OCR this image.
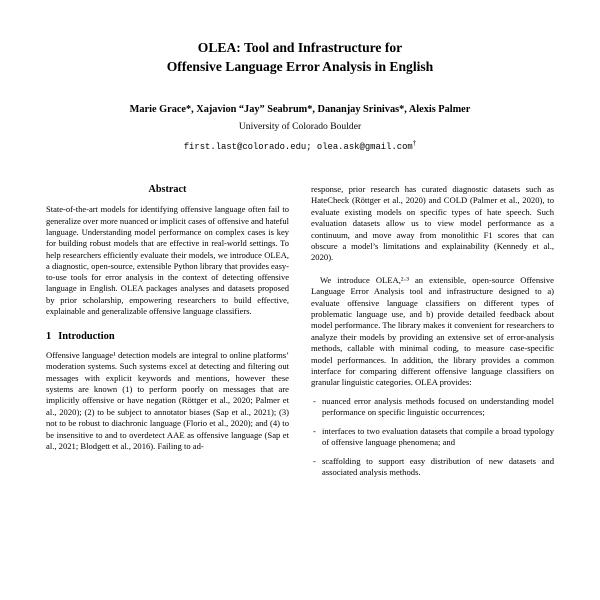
OLEA: Tool and Infrastructure for
Offensive Language Error Analysis in English
Marie Grace*, Xajavion “Jay” Seabrum*, Dananjay Srinivas*, Alexis Palmer
University of Colorado Boulder
first.last@colorado.edu; olea.ask@gmail.com†
Abstract

State-of-the-art models for identifying offensive language often fail to generalize over more nuanced or implicit cases of offensive and hateful language. Understanding model performance on complex cases is key for building robust models that are effective in real-world settings. To help researchers efficiently evaluate their models, we introduce OLEA, a diagnostic, open-source, extensible Python library that provides easy-to-use tools for error analysis in the context of detecting offensive language in English. OLEA packages analyses and datasets proposed by prior scholarship, empowering researchers to build effective, explainable and generalizable offensive language classifiers.

1 Introduction

Offensive language¹ detection models are integral to online platforms’ moderation systems. Such systems excel at detecting and filtering out messages with explicit keywords and mentions, however these systems are known (1) to perform poorly on messages that are implicitly offensive or have negation (Röttger et al., 2020; Palmer et al., 2020); (2) to be subject to annotator biases (Sap et al., 2021); (3) not to be robust to diachronic language (Florio et al., 2020); and (4) to be insensitive to and to overdetect AAE as offensive language (Sap et al., 2021; Blodgett et al., 2016). Failing to ad-

response, prior research has curated diagnostic datasets such as HateCheck (Röttger et al., 2020) and COLD (Palmer et al., 2020), to evaluate existing models on specific types of hate speech. Such evaluation datasets allow us to view model performance as a continuum, and move away from monolithic F1 scores that can obscure a model’s limitations and explainability (Kennedy et al., 2020).

We introduce OLEA,²·³ an extensible, open-source Offensive Language Error Analysis tool and infrastructure designed to a) evaluate offensive language classifiers on different types of problematic language use, and b) provide detailed feedback about model performance. The library makes it convenient for researchers to analyze their models by providing an extensive set of error-analysis methods, callable with minimal coding, to measure case-specific model performances. In addition, the library provides a common interface for comparing different offensive language classifiers on granular linguistic categories. OLEA provides:

- nuanced error analysis methods focused on understanding model performance on specific linguistic occurrences;
- interfaces to two evaluation datasets that compile a broad typology of offensive language phenomena; and
- scaffolding to support easy distribution of new datasets and associated analysis methods.
